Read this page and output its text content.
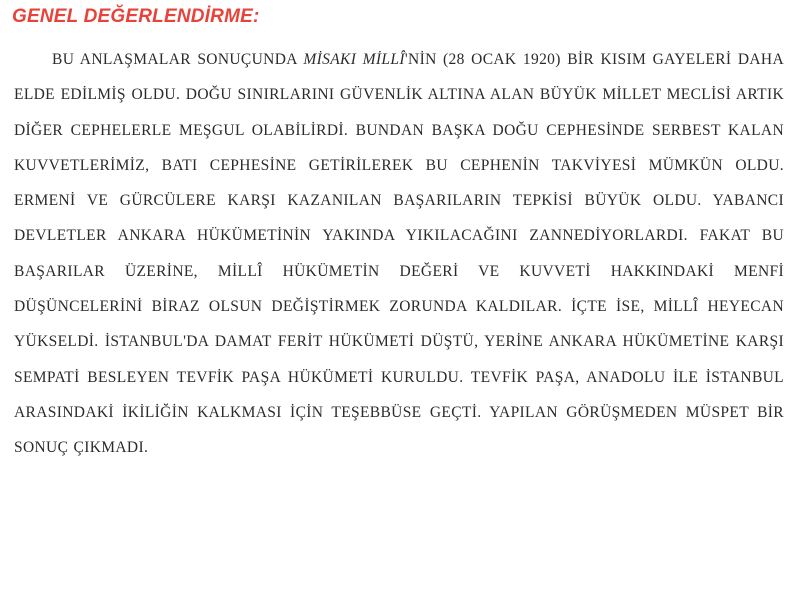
GENEL DEĞERLENDİRME:

BU ANLAŞMALAR SONUÇUNDA MİSAKI MİLLÎ'NİN (28 OCAK 1920) BİR KISIM GAYELERİ DAHA ELDE EDİLMİŞ OLDU. DOĞU SINIRLARINI GÜVENLİK ALTINA ALAN BÜYÜK MİLLET MECLİSİ ARTIK DİĞER CEPHELERLE MEŞGUL OLABİLİRDİ. BUNDAN BAŞKA DOĞU CEPHESİNDE SERBEST KALAN KUVVETLERİMİZ, BATI CEPHESİNE GETİRİLEREK BU CEPHENİN TAKVİYESİ MÜMKÜN OLDU. ERMENİ VE GÜRCÜLERE KARŞI KAZANILAN BAŞARILARIN TEPKİSİ BÜYÜK OLDU. YABANCI DEVLETLER ANKARA HÜKÜMETİNİN YAKINDA YIKILACAĞINI ZANNEDİYORLARDI. FAKAT BU BAŞARILAR ÜZERİNE, MİLLÎ HÜKÜMETİN DEĞERİ VE KUVVETİ HAKKINDAKİ MENFİ DÜŞÜNCELERİNİ BİRAZ OLSUN DEĞİŞTİRMEK ZORUNDA KALDILAR. İÇTE İSE, MİLLÎ HEYECAN YÜKSELDİ. İSTANBUL'DA DAMAT FERİT HÜKÜMETİ DÜŞTÜ, YERİNE ANKARA HÜKÜMETİNE KARŞI SEMPATİ BESLEYEN TEVFİK PAŞA HÜKÜMETİ KURULDU. TEVFİK PAŞA, ANADOLU İLE İSTANBUL ARASINDAKİ İKİLİĞİN KALKMASI İÇİN TEŞEBBÜSE GEÇTİ. YAPILAN GÖRÜŞMEDEN MÜSPET BİR SONUÇ ÇIKMADI.
